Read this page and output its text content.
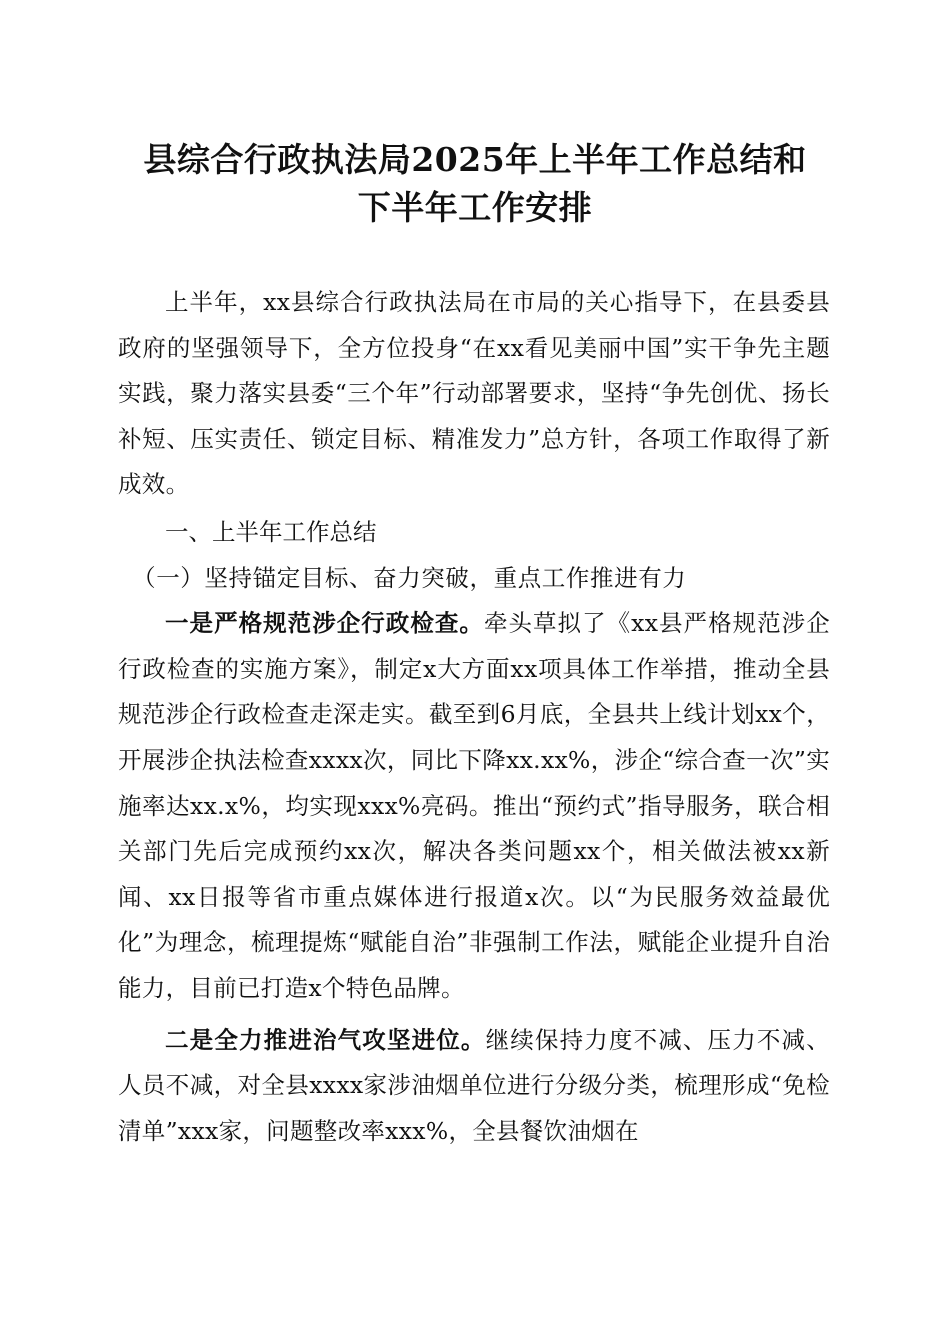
县综合行政执法局2025年上半年工作总结和
下半年工作安排

上半年，xx县综合行政执法局在市局的关心指导下，在县委县政府的坚强领导下，全方位投身“在xx看见美丽中国”实干争先主题实践，聚力落实县委“三个年”行动部署要求，坚持“争先创优、扬长补短、压实责任、锁定目标、精准发力”总方针，各项工作取得了新成效。

一、上半年工作总结

（一）坚持锚定目标、奋力突破，重点工作推进有力

一是严格规范涉企行政检查。牵头草拟了《xx县严格规范涉企行政检查的实施方案》，制定x大方面xx项具体工作举措，推动全县规范涉企行政检查走深走实。截至到6月底，全县共上线计划xx个，开展涉企执法检查xxxx次，同比下降xx.xx%，涉企“综合查一次”实施率达xx.x%，均实现xxx%亮码。推出“预约式”指导服务，联合相关部门先后完成预约xx次，解决各类问题xx个，相关做法被xx新闻、xx日报等省市重点媒体进行报道x次。以“为民服务效益最优化”为理念，梳理提炼“赋能自治”非强制工作法，赋能企业提升自治能力，目前已打造x个特色品牌。

二是全力推进治气攻坚进位。继续保持力度不减、压力不减、人员不减，对全县xxxx家涉油烟单位进行分级分类，梳理形成“免检清单”xxx家，问题整改率xxx%，全县餐饮油烟在
